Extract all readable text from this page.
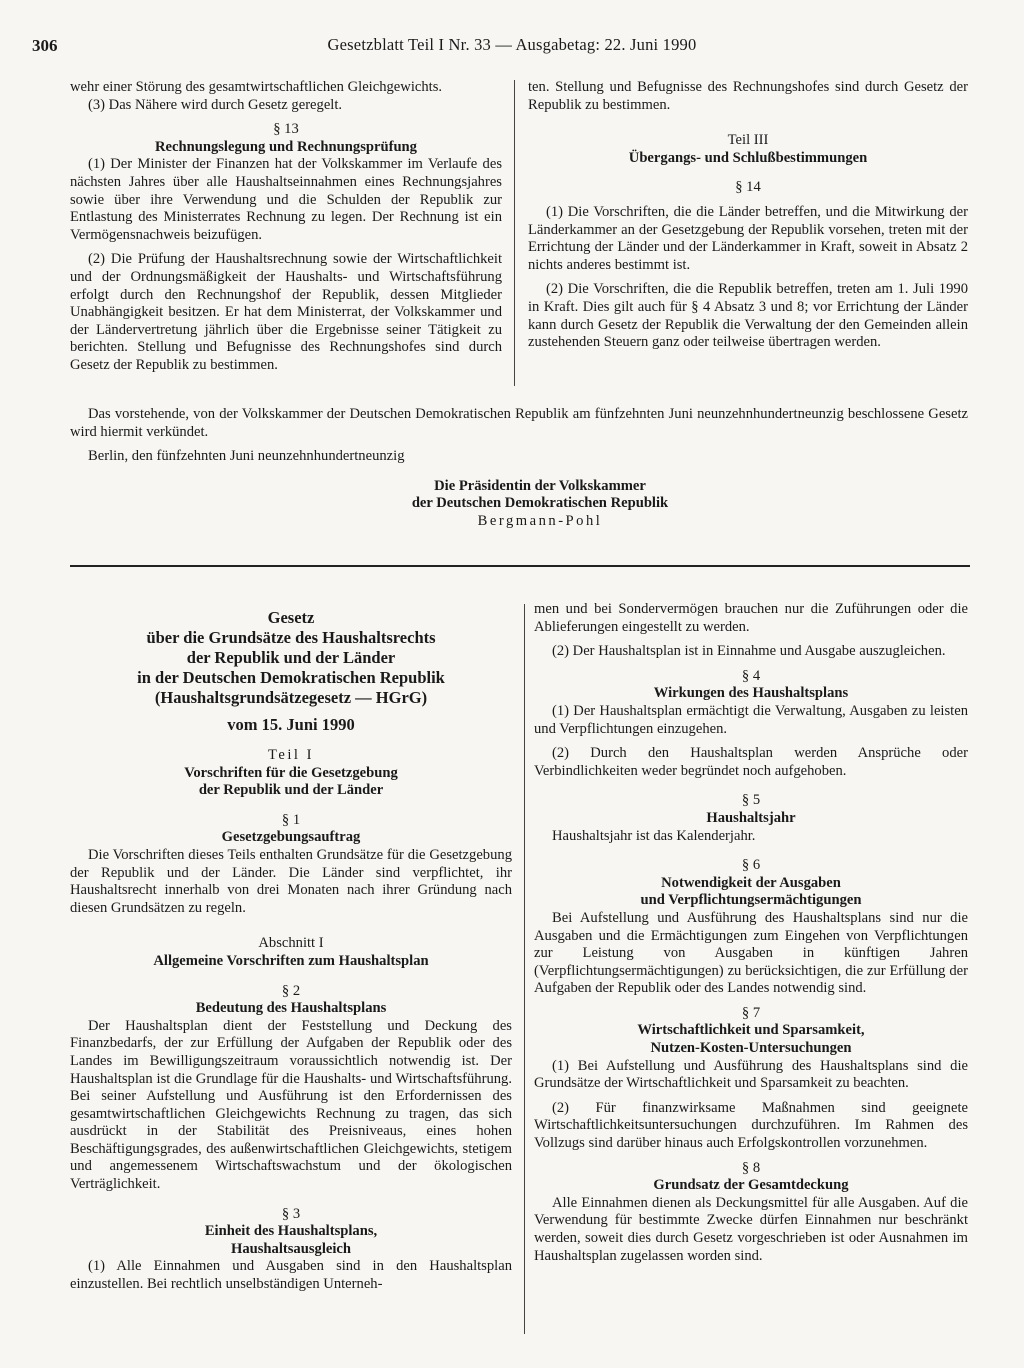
306	Gesetzblatt Teil I Nr. 33 — Ausgabetag: 22. Juni 1990

wehr einer Störung des gesamtwirtschaftlichen Gleichgewichts.

(3) Das Nähere wird durch Gesetz geregelt.

§ 13

Rechnungslegung und Rechnungsprüfung

(1) Der Minister der Finanzen hat der Volkskammer im Verlaufe des nächsten Jahres über alle Haushaltseinnahmen eines Rechnungsjahres sowie über ihre Verwendung und die Schulden der Republik zur Entlastung des Ministerrates Rechnung zu legen. Der Rechnung ist ein Vermögensnachweis beizufügen.

(2) Die Prüfung der Haushaltsrechnung sowie der Wirtschaftlichkeit und der Ordnungsmäßigkeit der Haushalts- und Wirtschaftsführung erfolgt durch den Rechnungshof der Republik, dessen Mitglieder Unabhängigkeit besitzen. Er hat dem Ministerrat, der Volkskammer und der Ländervertretung jährlich über die Ergebnisse seiner Tätigkeit zu berichten. Stellung und Befugnisse des Rechnungshofes sind durch Gesetz der Republik zu bestimmen.

ten. Stellung und Befugnisse des Rechnungshofes sind durch Gesetz der Republik zu bestimmen.

Teil III

Übergangs- und Schlußbestimmungen

§ 14

(1) Die Vorschriften, die die Länder betreffen, und die Mitwirkung der Länderkammer an der Gesetzgebung der Republik vorsehen, treten mit der Errichtung der Länder und der Länderkammer in Kraft, soweit in Absatz 2 nichts anderes bestimmt ist.

(2) Die Vorschriften, die die Republik betreffen, treten am 1. Juli 1990 in Kraft. Dies gilt auch für § 4 Absatz 3 und 8; vor Errichtung der Länder kann durch Gesetz der Republik die Verwaltung der den Gemeinden allein zustehenden Steuern ganz oder teilweise übertragen werden.

Das vorstehende, von der Volkskammer der Deutschen Demokratischen Republik am fünfzehnten Juni neunzehnhundertneunzig beschlossene Gesetz wird hiermit verkündet.

Berlin, den fünfzehnten Juni neunzehnhundertneunzig

Die Präsidentin der Volkskammer

der Deutschen Demokratischen Republik

Bergmann-Pohl

Gesetz

über die Grundsätze des Haushaltsrechts

der Republik und der Länder

in der Deutschen Demokratischen Republik

(Haushaltsgrundsätzegesetz — HGrG)

vom 15. Juni 1990

Teil I

Vorschriften für die Gesetzgebung

der Republik und der Länder

§ 1

Gesetzgebungsauftrag

Die Vorschriften dieses Teils enthalten Grundsätze für die Gesetzgebung der Republik und der Länder. Die Länder sind verpflichtet, ihr Haushaltsrecht innerhalb von drei Monaten nach ihrer Gründung nach diesen Grundsätzen zu regeln.

Abschnitt I

Allgemeine Vorschriften zum Haushaltsplan

§ 2

Bedeutung des Haushaltsplans

Der Haushaltsplan dient der Feststellung und Deckung des Finanzbedarfs, der zur Erfüllung der Aufgaben der Republik oder des Landes im Bewilligungszeitraum voraussichtlich notwendig ist. Der Haushaltsplan ist die Grundlage für die Haushalts- und Wirtschaftsführung. Bei seiner Aufstellung und Ausführung ist den Erfordernissen des gesamtwirtschaftlichen Gleichgewichts Rechnung zu tragen, das sich ausdrückt in der Stabilität des Preisniveaus, eines hohen Beschäftigungsgrades, des außenwirtschaftlichen Gleichgewichts, stetigem und angemessenem Wirtschaftswachstum und der ökologischen Verträglichkeit.

§ 3

Einheit des Haushaltsplans,

Haushaltsausgleich

(1) Alle Einnahmen und Ausgaben sind in den Haushaltsplan einzustellen. Bei rechtlich unselbständigen Unterneh-

men und bei Sondervermögen brauchen nur die Zuführungen oder die Ablieferungen eingestellt zu werden.

(2) Der Haushaltsplan ist in Einnahme und Ausgabe auszugleichen.

§ 4

Wirkungen des Haushaltsplans

(1) Der Haushaltsplan ermächtigt die Verwaltung, Ausgaben zu leisten und Verpflichtungen einzugehen.

(2) Durch den Haushaltsplan werden Ansprüche oder Verbindlichkeiten weder begründet noch aufgehoben.

§ 5

Haushaltsjahr

Haushaltsjahr ist das Kalenderjahr.

§ 6

Notwendigkeit der Ausgaben

und Verpflichtungsermächtigungen

Bei Aufstellung und Ausführung des Haushaltsplans sind nur die Ausgaben und die Ermächtigungen zum Eingehen von Verpflichtungen zur Leistung von Ausgaben in künftigen Jahren (Verpflichtungsermächtigungen) zu berücksichtigen, die zur Erfüllung der Aufgaben der Republik oder des Landes notwendig sind.

§ 7

Wirtschaftlichkeit und Sparsamkeit,

Nutzen-Kosten-Untersuchungen

(1) Bei Aufstellung und Ausführung des Haushaltsplans sind die Grundsätze der Wirtschaftlichkeit und Sparsamkeit zu beachten.

(2) Für finanzwirksame Maßnahmen sind geeignete Wirtschaftlichkeitsuntersuchungen durchzuführen. Im Rahmen des Vollzugs sind darüber hinaus auch Erfolgskontrollen vorzunehmen.

§ 8

Grundsatz der Gesamtdeckung

Alle Einnahmen dienen als Deckungsmittel für alle Ausgaben. Auf die Verwendung für bestimmte Zwecke dürfen Einnahmen nur beschränkt werden, soweit dies durch Gesetz vorgeschrieben ist oder Ausnahmen im Haushaltsplan zugelassen worden sind.
